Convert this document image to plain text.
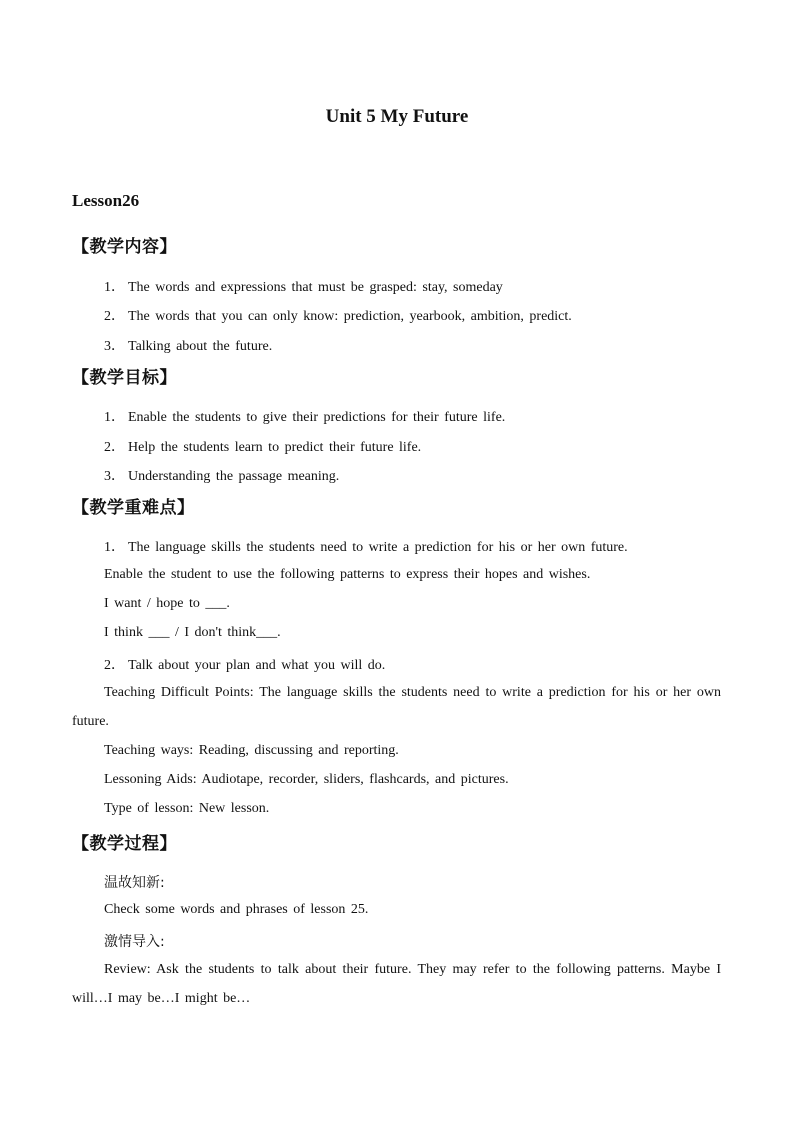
Unit 5 My Future
Lesson26
【教学内容】
1． The words and expressions that must be grasped: stay, someday
2． The words that you can only know: prediction, yearbook, ambition, predict.
3． Talking about the future.
【教学目标】
1． Enable the students to give their predictions for their future life.
2． Help the students learn to predict their future life.
3． Understanding the passage meaning.
【教学重难点】
1． The language skills the students need to write a prediction for his or her own future.
Enable the student to use the following patterns to express their hopes and wishes.
I want / hope to ___.
I think ___ / I don't think___.
2． Talk about your plan and what you will do.
Teaching Difficult Points: The language skills the students need to write a prediction for his or her own future.
Teaching ways: Reading, discussing and reporting.
Lessoning Aids: Audiotape, recorder, sliders, flashcards, and pictures.
Type of lesson: New lesson.
【教学过程】
温故知新:
Check some words and phrases of lesson 25.
激情导入:
Review: Ask the students to talk about their future. They may refer to the following patterns. Maybe I will…I may be…I might be…
